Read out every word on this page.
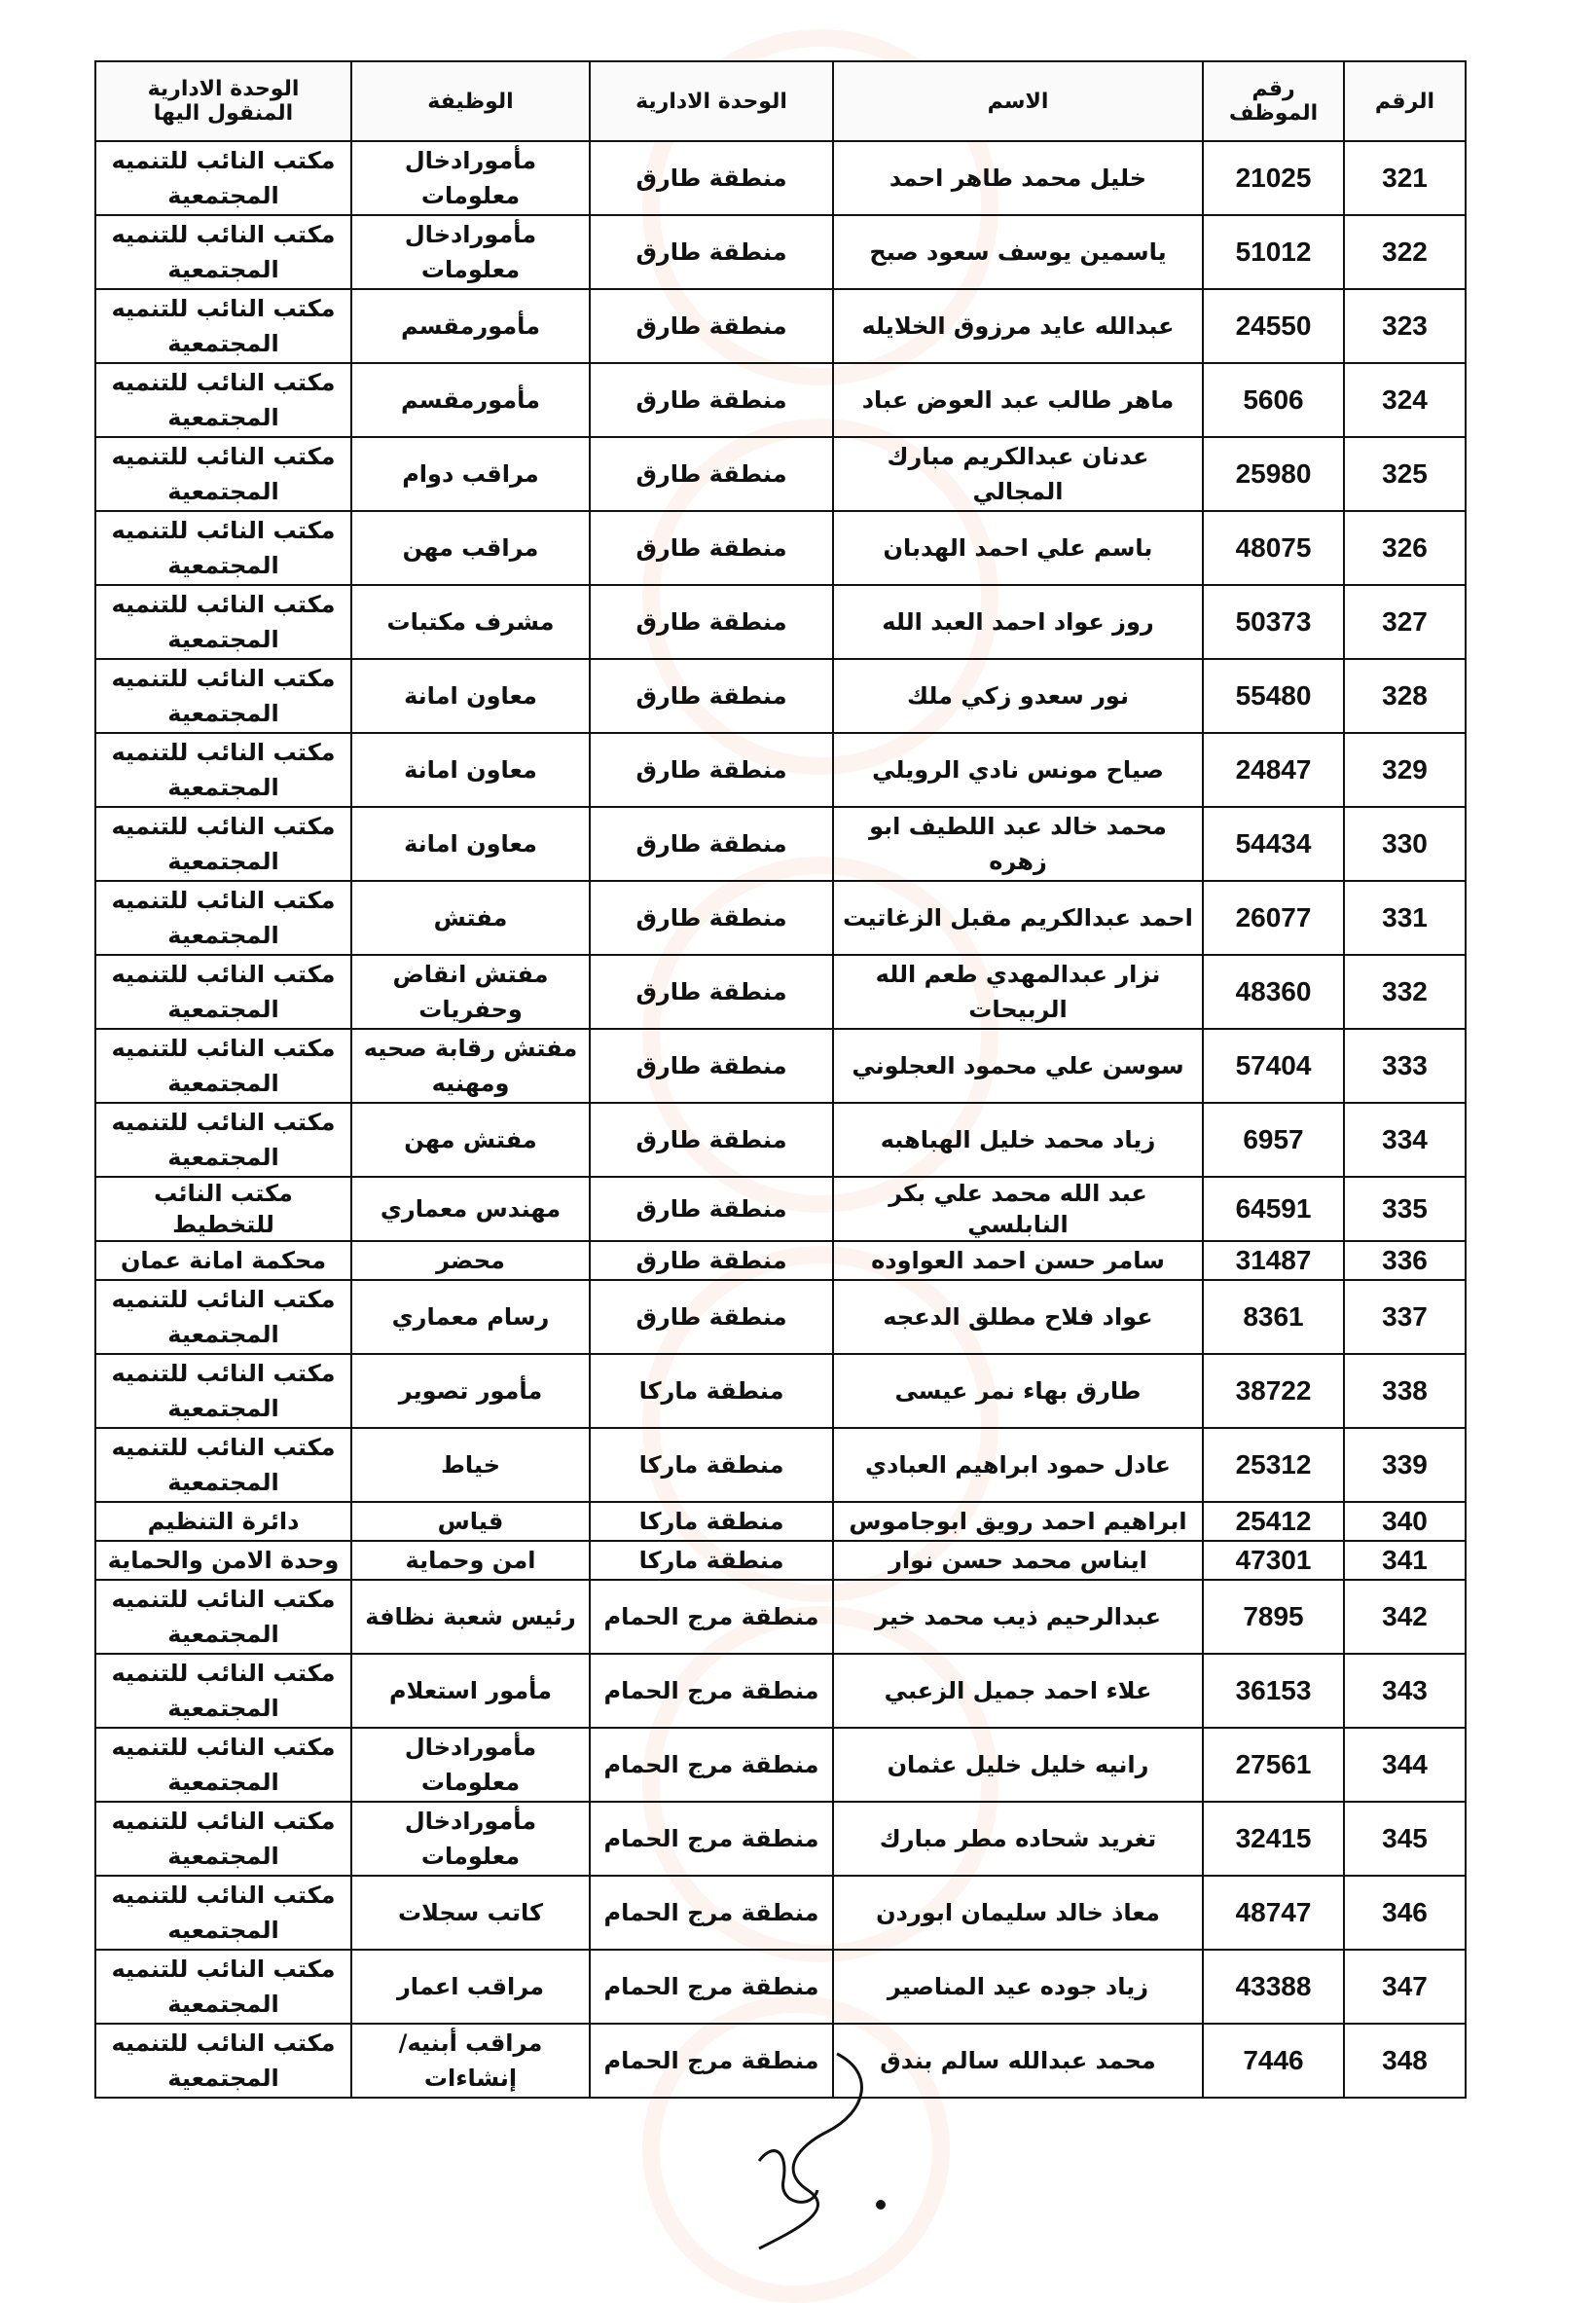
الرقم	رقم الموظف	الاسم	الوحدة الادارية	الوظيفة	الوحدة الادارية المنقول اليها
321	21025	خليل محمد طاهر احمد	منطقة طارق	مأمورادخال معلومات	مكتب النائب للتنميه المجتمعية
322	51012	ياسمين يوسف سعود صبح	منطقة طارق	مأمورادخال معلومات	مكتب النائب للتنميه المجتمعية
323	24550	عبدالله عايد مرزوق الخلايله	منطقة طارق	مأمورمقسم	مكتب النائب للتنميه المجتمعية
324	5606	ماهر طالب عبد العوض عباد	منطقة طارق	مأمورمقسم	مكتب النائب للتنميه المجتمعية
325	25980	عدنان عبدالكريم مبارك المجالي	منطقة طارق	مراقب دوام	مكتب النائب للتنميه المجتمعية
326	48075	باسم علي احمد الهدبان	منطقة طارق	مراقب مهن	مكتب النائب للتنميه المجتمعية
327	50373	روز عواد احمد العبد الله	منطقة طارق	مشرف مكتبات	مكتب النائب للتنميه المجتمعية
328	55480	نور سعدو زكي ملك	منطقة طارق	معاون امانة	مكتب النائب للتنميه المجتمعية
329	24847	صياح مونس نادي الرويلي	منطقة طارق	معاون امانة	مكتب النائب للتنميه المجتمعية
330	54434	محمد خالد عبد اللطيف ابو زهره	منطقة طارق	معاون امانة	مكتب النائب للتنميه المجتمعية
331	26077	احمد عبدالكريم مقبل الزغاتيت	منطقة طارق	مفتش	مكتب النائب للتنميه المجتمعية
332	48360	نزار عبدالمهدي طعم الله الربيحات	منطقة طارق	مفتش انقاض وحفريات	مكتب النائب للتنميه المجتمعية
333	57404	سوسن علي محمود العجلوني	منطقة طارق	مفتش رقابة صحيه ومهنيه	مكتب النائب للتنميه المجتمعية
334	6957	زياد محمد خليل الهباهبه	منطقة طارق	مفتش مهن	مكتب النائب للتنميه المجتمعية
335	64591	عبد الله محمد علي بكر النابلسي	منطقة طارق	مهندس معماري	مكتب النائب للتخطيط
336	31487	سامر حسن احمد العواوده	منطقة طارق	محضر	محكمة امانة عمان
337	8361	عواد فلاح مطلق الدعجه	منطقة طارق	رسام معماري	مكتب النائب للتنميه المجتمعية
338	38722	طارق بهاء نمر عيسى	منطقة ماركا	مأمور تصوير	مكتب النائب للتنميه المجتمعية
339	25312	عادل حمود ابراهيم العبادي	منطقة ماركا	خياط	مكتب النائب للتنميه المجتمعية
340	25412	ابراهيم احمد رويق ابوجاموس	منطقة ماركا	قياس	دائرة التنظيم
341	47301	ايناس محمد حسن نوار	منطقة ماركا	امن وحماية	وحدة الامن والحماية
342	7895	عبدالرحيم ذيب محمد خير	منطقة مرج الحمام	رئيس شعبة نظافة	مكتب النائب للتنميه المجتمعية
343	36153	علاء احمد جميل الزعبي	منطقة مرج الحمام	مأمور استعلام	مكتب النائب للتنميه المجتمعية
344	27561	رانيه خليل خليل عثمان	منطقة مرج الحمام	مأمورادخال معلومات	مكتب النائب للتنميه المجتمعية
345	32415	تغريد شحاده مطر مبارك	منطقة مرج الحمام	مأمورادخال معلومات	مكتب النائب للتنميه المجتمعية
346	48747	معاذ خالد سليمان ابوردن	منطقة مرج الحمام	كاتب سجلات	مكتب النائب للتنميه المجتمعيه
347	43388	زياد جوده عيد المناصير	منطقة مرج الحمام	مراقب اعمار	مكتب النائب للتنميه المجتمعية
348	7446	محمد عبدالله سالم بندق	منطقة مرج الحمام	مراقب أبنيه/إنشاءات	مكتب النائب للتنميه المجتمعية
